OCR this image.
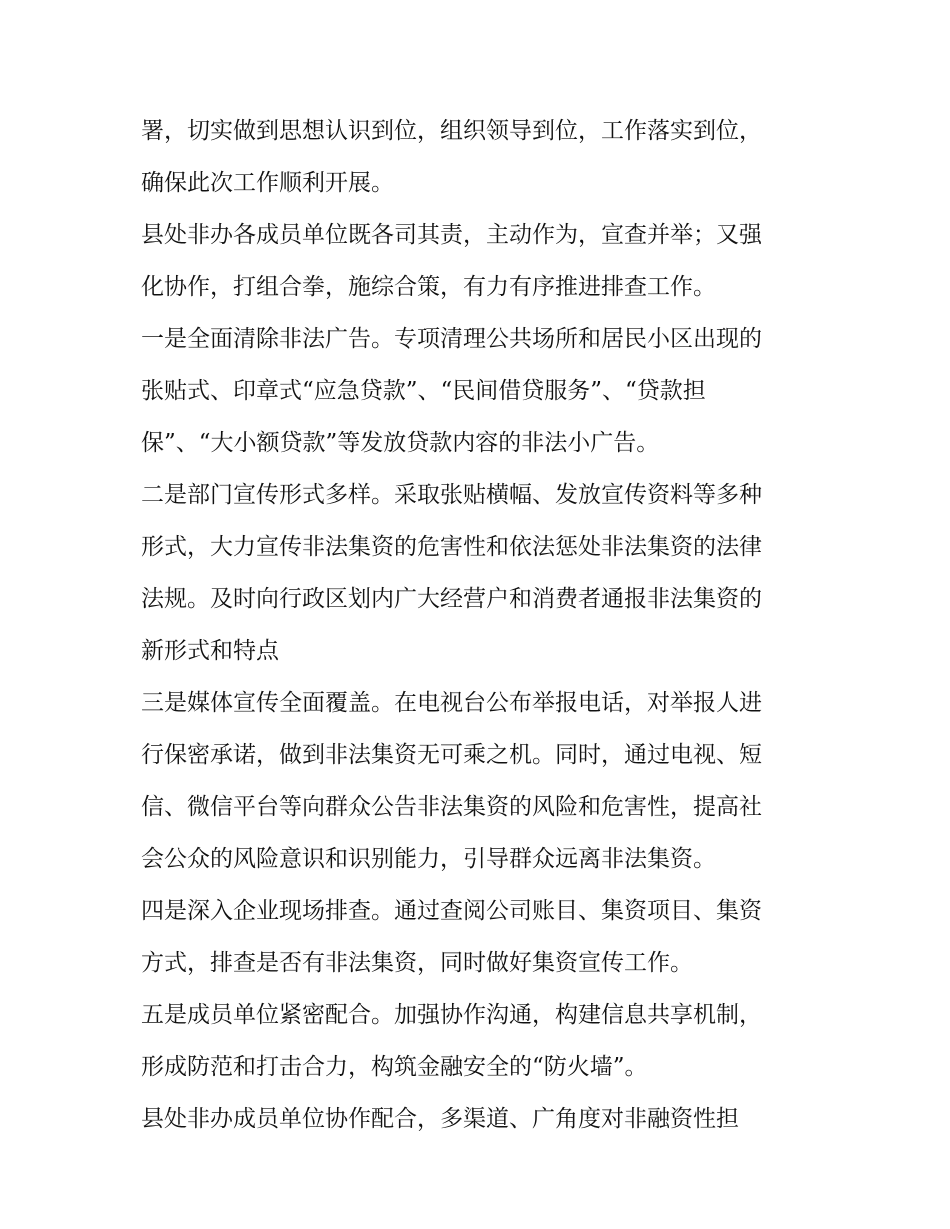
署，切实做到思想认识到位，组织领导到位，工作落实到位，
确保此次工作顺利开展。
县处非办各成员单位既各司其责，主动作为，宣查并举；又强
化协作，打组合拳，施综合策，有力有序推进排查工作。
一是全面清除非法广告。专项清理公共场所和居民小区出现的
张贴式、印章式“应急贷款”、“民间借贷服务”、“贷款担
保”、“大小额贷款”等发放贷款内容的非法小广告。
二是部门宣传形式多样。采取张贴横幅、发放宣传资料等多种
形式，大力宣传非法集资的危害性和依法惩处非法集资的法律
法规。及时向行政区划内广大经营户和消费者通报非法集资的
新形式和特点
三是媒体宣传全面覆盖。在电视台公布举报电话，对举报人进
行保密承诺，做到非法集资无可乘之机。同时，通过电视、短
信、微信平台等向群众公告非法集资的风险和危害性，提高社
会公众的风险意识和识别能力，引导群众远离非法集资。
四是深入企业现场排查。通过查阅公司账目、集资项目、集资
方式，排查是否有非法集资，同时做好集资宣传工作。
五是成员单位紧密配合。加强协作沟通，构建信息共享机制，
形成防范和打击合力，构筑金融安全的“防火墙”。
县处非办成员单位协作配合，多渠道、广角度对非融资性担
